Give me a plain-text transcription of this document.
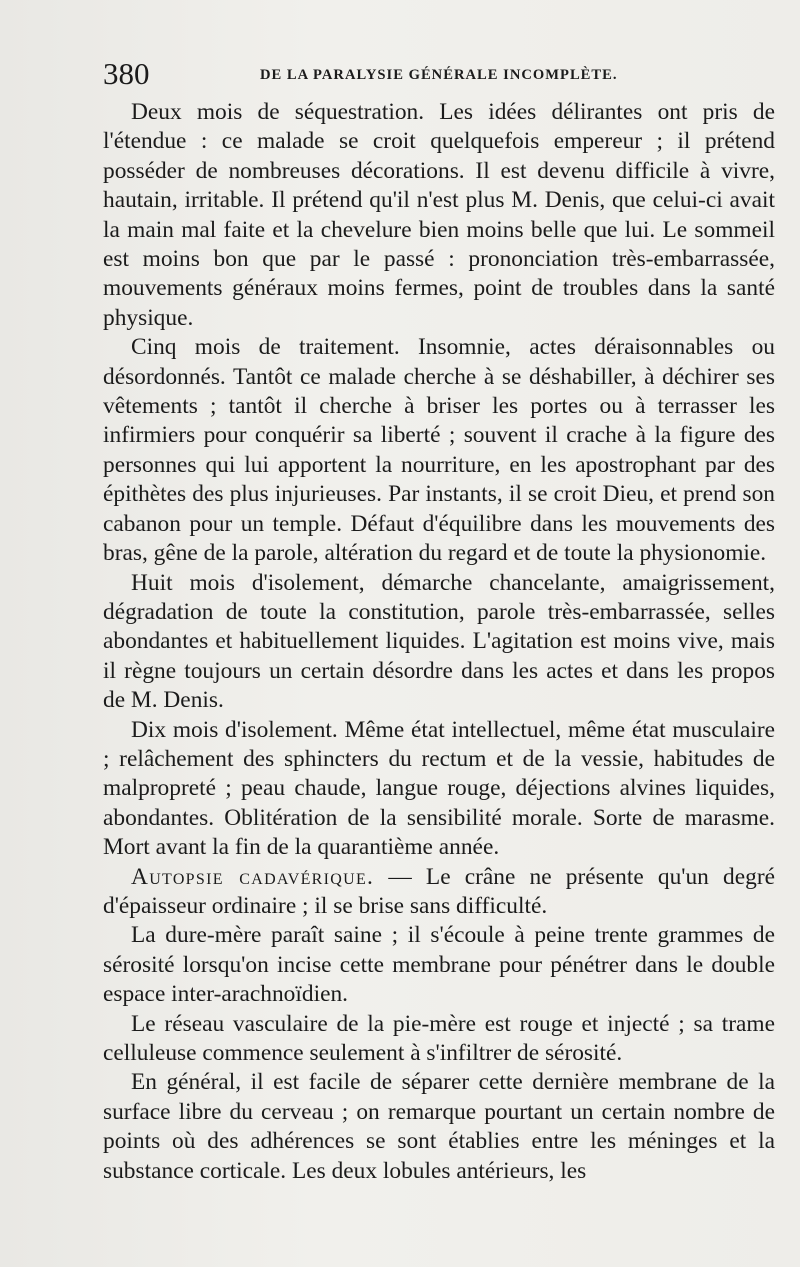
380	DE LA PARALYSIE GÉNÉRALE INCOMPLÈTE.

Deux mois de séquestration. Les idées délirantes ont pris de l'étendue : ce malade se croit quelquefois empereur ; il prétend posséder de nombreuses décorations. Il est devenu difficile à vivre, hautain, irritable. Il prétend qu'il n'est plus M. Denis, que celui-ci avait la main mal faite et la chevelure bien moins belle que lui. Le sommeil est moins bon que par le passé : prononciation très-embarrassée, mouvements généraux moins fermes, point de troubles dans la santé physique.

Cinq mois de traitement. Insomnie, actes déraisonnables ou désordonnés. Tantôt ce malade cherche à se déshabiller, à déchirer ses vêtements ; tantôt il cherche à briser les portes ou à terrasser les infirmiers pour conquérir sa liberté ; souvent il crache à la figure des personnes qui lui apportent la nourriture, en les apostrophant par des épithètes des plus injurieuses. Par instants, il se croit Dieu, et prend son cabanon pour un temple. Défaut d'équilibre dans les mouvements des bras, gêne de la parole, altération du regard et de toute la physionomie.

Huit mois d'isolement, démarche chancelante, amaigrissement, dégradation de toute la constitution, parole très-embarrassée, selles abondantes et habituellement liquides. L'agitation est moins vive, mais il règne toujours un certain désordre dans les actes et dans les propos de M. Denis.

Dix mois d'isolement. Même état intellectuel, même état musculaire ; relâchement des sphincters du rectum et de la vessie, habitudes de malpropreté ; peau chaude, langue rouge, déjections alvines liquides, abondantes. Oblitération de la sensibilité morale. Sorte de marasme. Mort avant la fin de la quarantième année.

Autopsie cadavérique. — Le crâne ne présente qu'un degré d'épaisseur ordinaire ; il se brise sans difficulté.

La dure-mère paraît saine ; il s'écoule à peine trente grammes de sérosité lorsqu'on incise cette membrane pour pénétrer dans le double espace inter-arachnoïdien.

Le réseau vasculaire de la pie-mère est rouge et injecté ; sa trame celluleuse commence seulement à s'infiltrer de sérosité.

En général, il est facile de séparer cette dernière membrane de la surface libre du cerveau ; on remarque pourtant un certain nombre de points où des adhérences se sont établies entre les méninges et la substance corticale. Les deux lobules antérieurs, les
